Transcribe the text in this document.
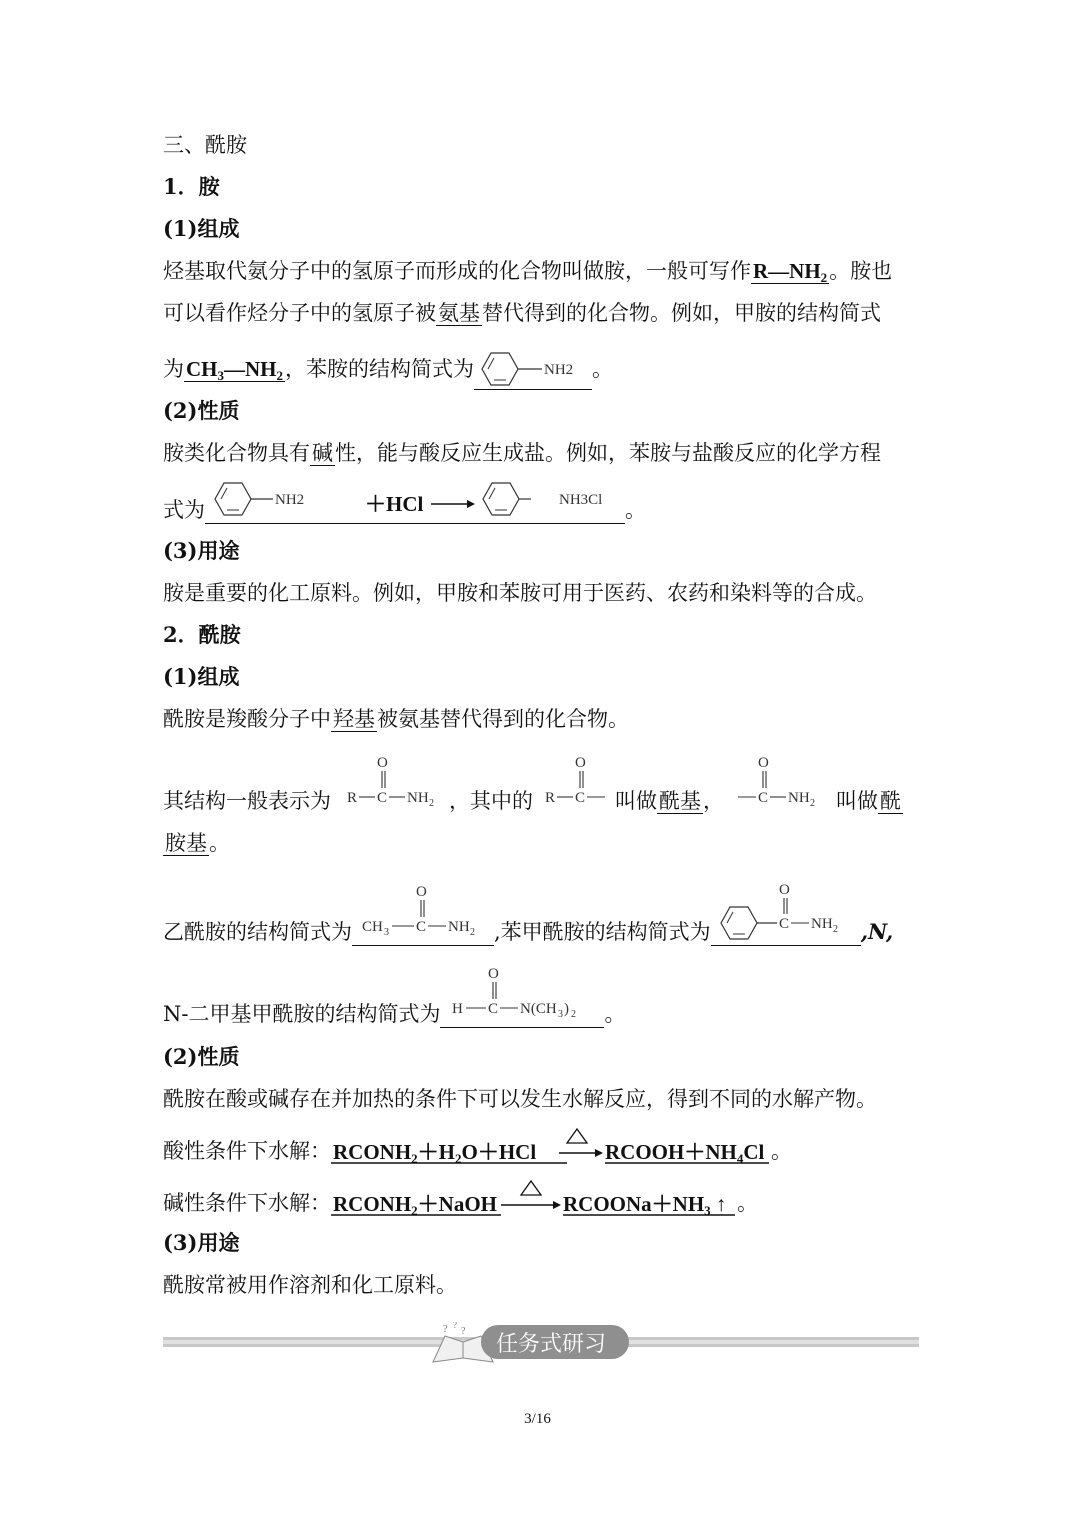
三、酰胺
1．胺
(1)组成
烃基取代氨分子中的氢原子而形成的化合物叫做胺，一般可写作$R—NH_2$。胺也
可以看作烃分子中的氢原子被氨基替代得到的化合物。例如，甲胺的结构简式
为$CH_3—NH_2$，苯胺的结构简式为	NH2 。
(2)性质
胺类化合物具有碱性，能与酸反应生成盐。例如，苯胺与盐酸反应的化学方程
式为	NH2	＋HCl	NH3Cl 。
(3)用途
胺是重要的化工原料。例如，甲胺和苯胺可用于医药、农药和染料等的合成。
2．酰胺
(1)组成
酰胺是羧酸分子中羟基被氨基替代得到的化合物。
其结构一般表示为 R C
O
NH 2 ，其中的 R C
O
叫做酰基， C
O
NH 2 叫做酰
胺基。
乙酰胺的结构简式为 CH 3 C
O
NH 2 ,苯甲酰胺的结构简式为	C
O
NH 2 ,N,
N-二甲基甲酰胺的结构简式为 H C
O
N(CH 3 ) 2 。
(2)性质
酰胺在酸或碱存在并加热的条件下可以发生水解反应，得到不同的水解产物。
酸性条件下水解： RCONH2＋H2O＋HCl	RCOOH＋NH4Cl 。
碱性条件下水解： RCONH2＋NaOH	RCOONa＋NH3 ↑ 。
(3)用途
酰胺常被用作溶剂和化工原料。
? ?
? 任务式研习
3/16
